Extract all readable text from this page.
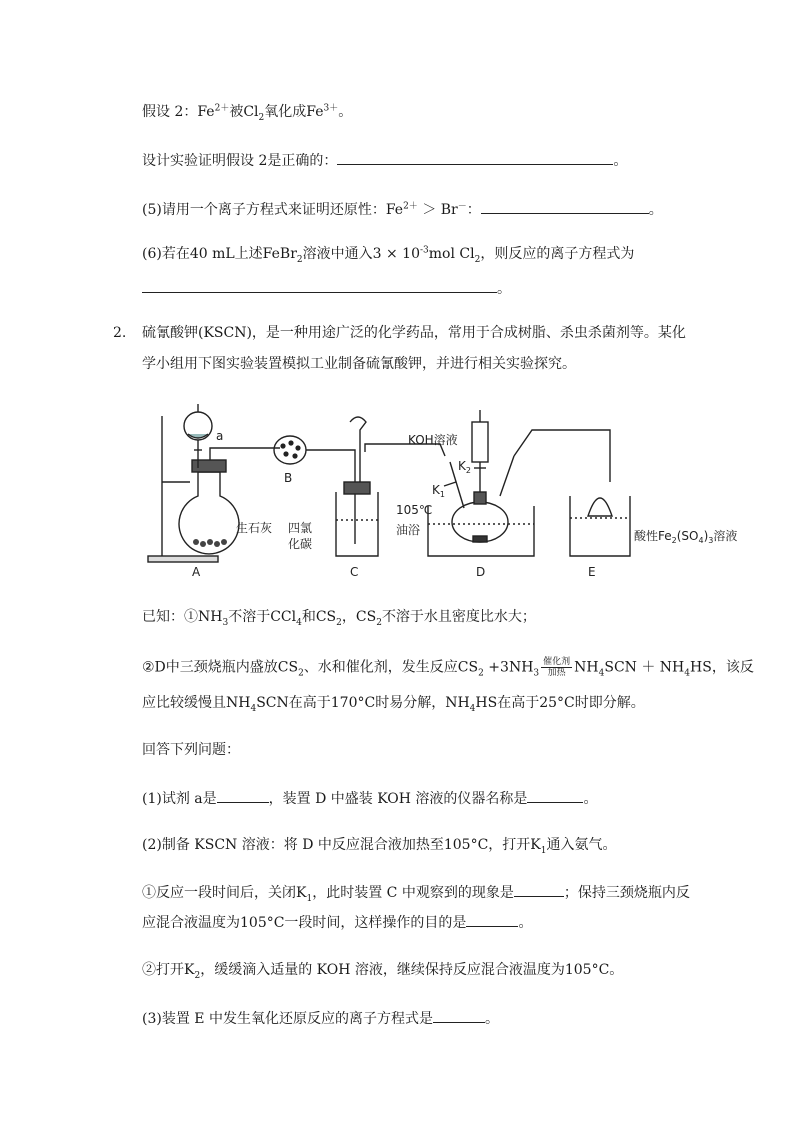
假设 2：$Fe^{2+}$被$Cl_2$氧化成$Fe^{3+}$。
设计实验证明假设 2是正确的：	。
(5)请用一个离子方程式来证明还原性：$Fe^{2+} > Br^-$：	。
(6)若在40 mL上述FeBr$_2$溶液中通入$3 \times 10^{-3}mol$ $Cl_2$，则反应的离子方程式为
。
2. 硫氰酸钾(KSCN)，是一种用途广泛的化学药品，常用于合成树脂、杀虫杀菌剂等。某化
学小组用下图实验装置模拟工业制备硫氰酸钾，并进行相关实验探究。
a
A
B
C	D	E
生石灰 四氯
化碳
KOH溶液
$K_2$
$K_1$
105℃
油浴	酸性$Fe_2(SO_4)_3$溶液
已知：$①NH_3$不溶于CCl$_4$和$CS_2$，$CS_2$不溶于水且密度比水大；
②D中三颈烧瓶内盛放$CS_2$、水和催化剂，发生反应$CS_2 +3NH_3 \frac{\text{催化剂}}{\text{加热}} NH_4SCN + NH_4HS$，该反
应比较缓慢且$NH_4SCN$在高于170°C时易分解，$NH_4HS$在高于25°C时即分解。
回答下列问题：
(1)试剂 a是	，装置 D 中盛装 KOH 溶液的仪器名称是	。
(2)制备 KSCN 溶液：将 D 中反应混合液加热至105°C，打开$K_1$通入氨气。
①反应一段时间后，关闭$K_1$，此时装置 C 中观察到的现象是	；保持三颈烧瓶内反
应混合液温度为105°C一段时间，这样操作的目的是	。
②打开$K_2$，缓缓滴入适量的 KOH 溶液，继续保持反应混合液温度为105°C。
(3)装置 E 中发生氧化还原反应的离子方程式是	。
